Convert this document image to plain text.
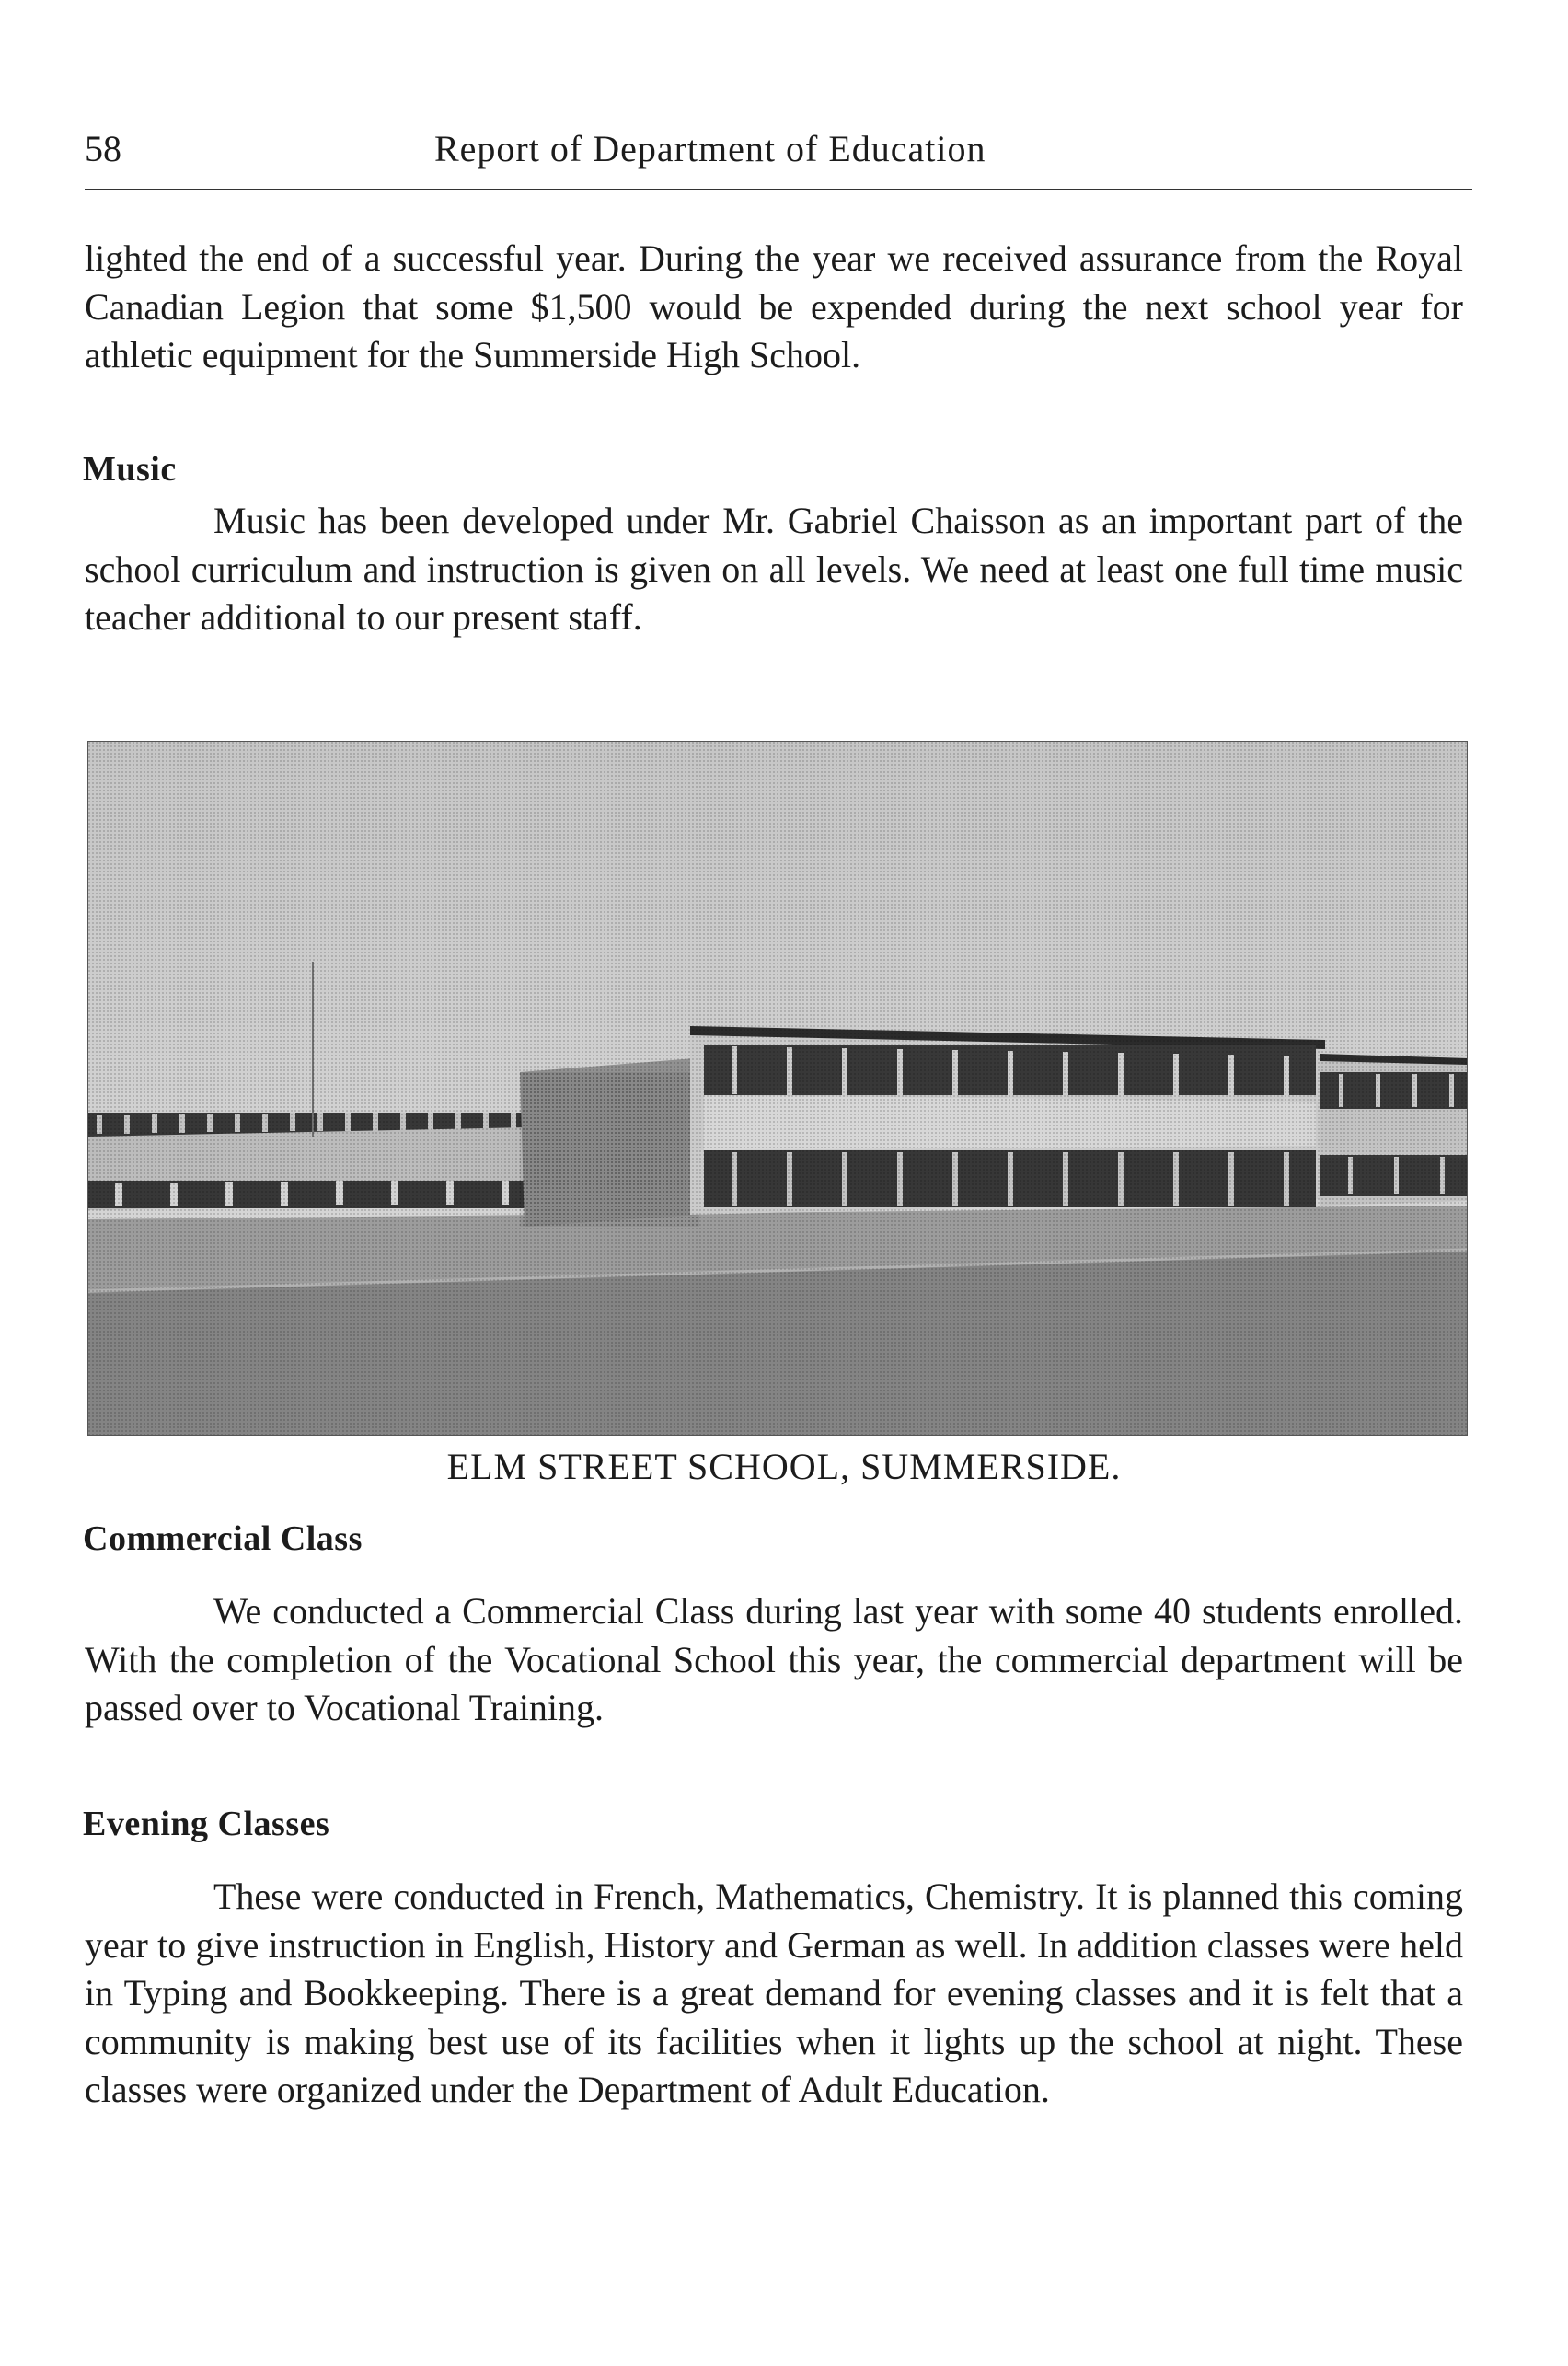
58	Report of Department of Education

lighted the end of a successful year. During the year we received assurance from the Royal Canadian Legion that some $1,500 would be expended during the next school year for athletic equipment for the Summerside High School.

Music

Music has been developed under Mr. Gabriel Chaisson as an important part of the school curriculum and instruction is given on all levels. We need at least one full time music teacher additional to our present staff.

ELM STREET SCHOOL, SUMMERSIDE.
Commercial Class

We conducted a Commercial Class during last year with some 40 students enrolled. With the completion of the Vocational School this year, the commercial department will be passed over to Vocational Training.

Evening Classes

These were conducted in French, Mathematics, Chemistry. It is planned this coming year to give instruction in English, History and German as well. In addition classes were held in Typing and Bookkeeping. There is a great demand for evening classes and it is felt that a community is making best use of its facilities when it lights up the school at night. These classes were organized under the Department of Adult Education.
